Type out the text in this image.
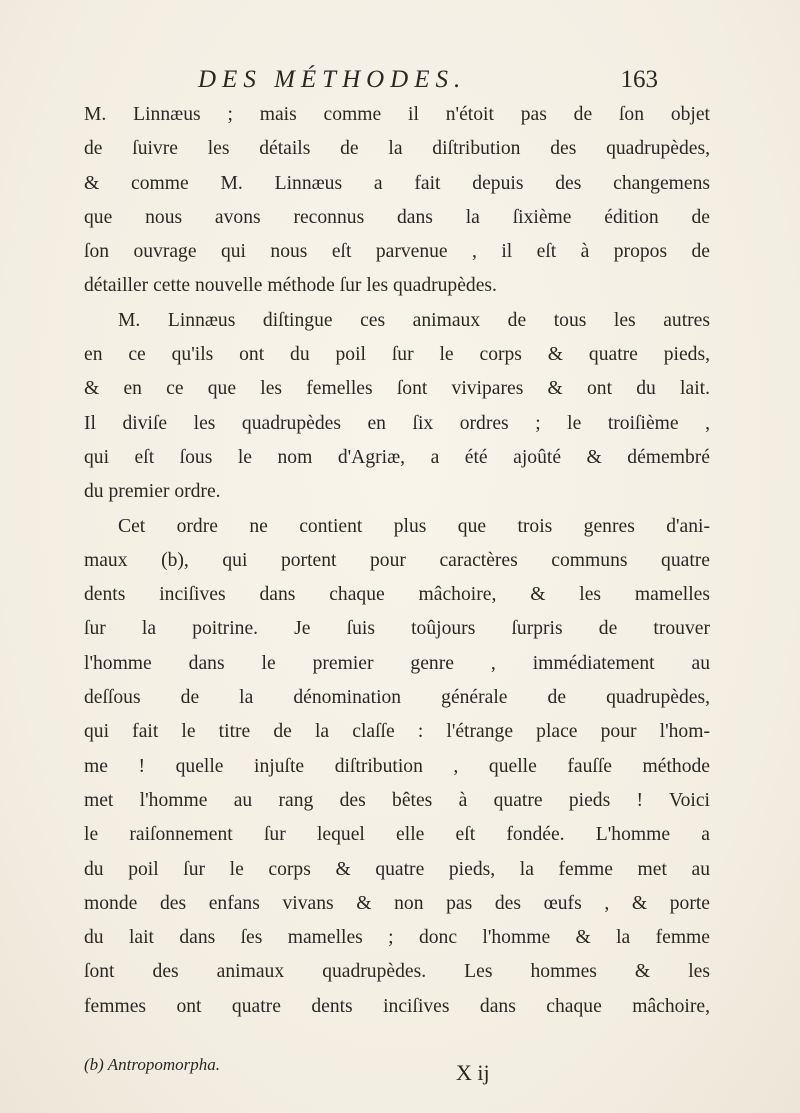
DES MÉTHODES.	163
M. Linnæus ; mais comme il n'étoit pas de ſon objet
de ſuivre les détails de la diſtribution des quadrupèdes,
& comme M. Linnæus a fait depuis des changemens
que nous avons reconnus dans la ſixième édition de
ſon ouvrage qui nous eſt parvenue , il eſt à propos de
détailler cette nouvelle méthode ſur les quadrupèdes.
M. Linnæus diſtingue ces animaux de tous les autres
en ce qu'ils ont du poil ſur le corps & quatre pieds,
& en ce que les femelles ſont vivipares & ont du lait.
Il diviſe les quadrupèdes en ſix ordres ; le troiſième ,
qui eſt ſous le nom d'Agriæ, a été ajoûté & démembré
du premier ordre.
Cet ordre ne contient plus que trois genres d'ani-
maux (b), qui portent pour caractères communs quatre
dents inciſives dans chaque mâchoire, & les mamelles
ſur la poitrine. Je ſuis toûjours ſurpris de trouver
l'homme dans le premier genre , immédiatement au
deſſous de la dénomination générale de quadrupèdes,
qui fait le titre de la claſſe : l'étrange place pour l'hom-
me ! quelle injuſte diſtribution , quelle fauſſe méthode
met l'homme au rang des bêtes à quatre pieds ! Voici
le raiſonnement ſur lequel elle eſt fondée. L'homme a
du poil ſur le corps & quatre pieds, la femme met au
monde des enfans vivans & non pas des œufs , & porte
du lait dans ſes mamelles ; donc l'homme & la femme
ſont des animaux quadrupèdes. Les hommes & les
femmes ont quatre dents inciſives dans chaque mâchoire,
(b) Antropomorpha.	X ij
